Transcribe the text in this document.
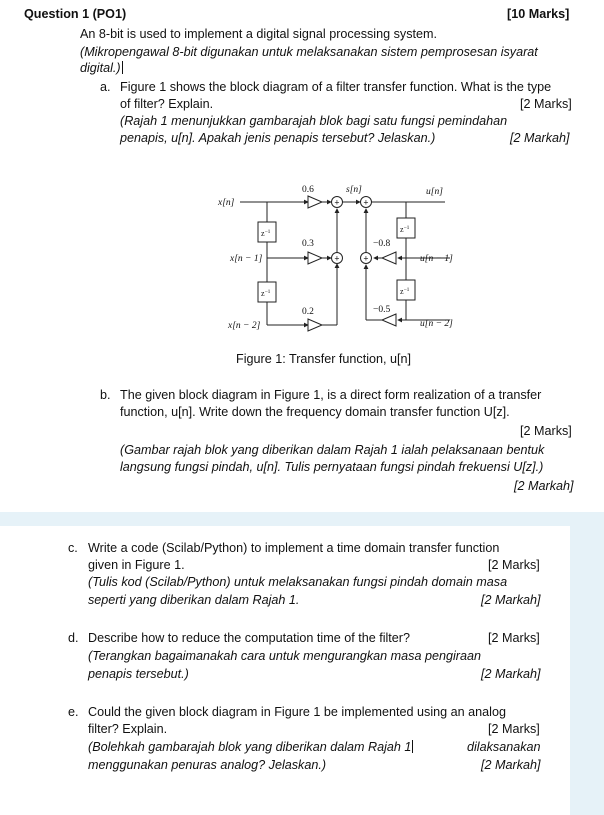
Question 1 (PO1)	[10 Marks]
An 8-bit is used to implement a digital signal processing system.
(Mikropengawal 8-bit digunakan untuk melaksanakan sistem pemprosesan isyarat
digital.)
a. Figure 1 shows the block diagram of a filter transfer function. What is the type
of filter? Explain.	[2 Marks]
(Rajah 1 menunjukkan gambarajah blok bagi satu fungsi pemindahan
penapis, u[n]. Apakah jenis penapis tersebut? Jelaskan.)	[2 Markah]
$z^{-1}$
$z^{-1}$
$z^{-1}$
$z^{-1}$
+
+
+
+
x[n]
x[n − 1]
x[n − 2]
s[n]	u[n]
u[n − 1]
u[n − 2]
0.6
0.3
0.2
−0.8
−0.5
Figure 1: Transfer function, u[n]
b. The given block diagram in Figure 1, is a direct form realization of a transfer
function, u[n]. Write down the frequency domain transfer function U[z].
[2 Marks]
(Gambar rajah blok yang diberikan dalam Rajah 1 ialah pelaksanaan bentuk
langsung fungsi pindah, u[n]. Tulis pernyataan fungsi pindah frekuensi U[z].)
[2 Markah]
c. Write a code (Scilab/Python) to implement a time domain transfer function
given in Figure 1.	[2 Marks]
(Tulis kod (Scilab/Python) untuk melaksanakan fungsi pindah domain masa
seperti yang diberikan dalam Rajah 1.	[2 Markah]
d. Describe how to reduce the computation time of the filter?	[2 Marks]
(Terangkan bagaimanakah cara untuk mengurangkan masa pengiraan
penapis tersebut.)	[2 Markah]
e. Could the given block diagram in Figure 1 be implemented using an analog
filter? Explain.	[2 Marks]
(Bolehkah gambarajah blok yang diberikan dalam Rajah 1	dilaksanakan
menggunakan penuras analog? Jelaskan.)	[2 Markah]
